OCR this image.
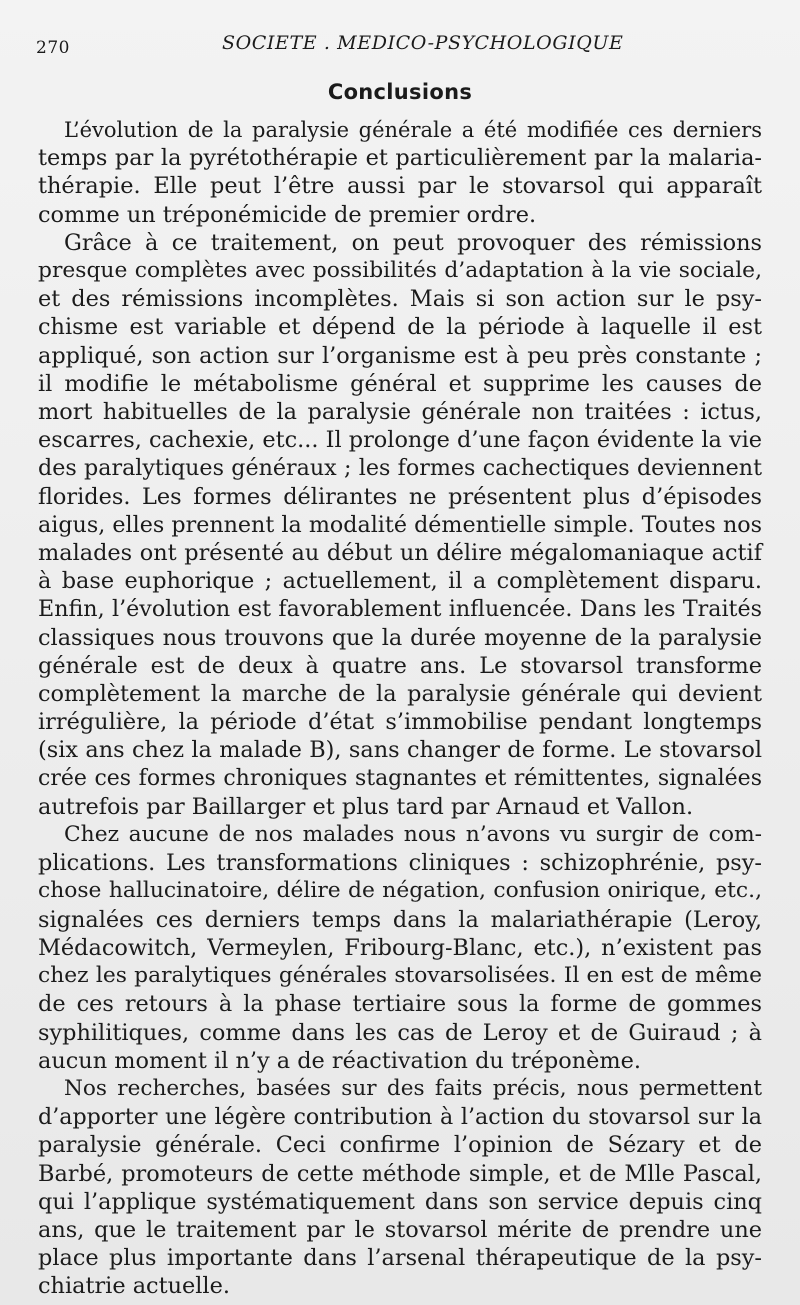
270	SOCIETE . MEDICO-PSYCHOLOGIQUE
Conclusions
L’évolution de la paralysie générale a été modifiée ces derniers
temps par la pyrétothérapie et particulièrement par la malaria-
thérapie. Elle peut l’être aussi par le stovarsol qui apparaît
comme un tréponémicide de premier ordre.
Grâce à ce traitement, on peut provoquer des rémissions
presque complètes avec possibilités d’adaptation à la vie sociale,
et des rémissions incomplètes. Mais si son action sur le psy-
chisme est variable et dépend de la période à laquelle il est
appliqué, son action sur l’organisme est à peu près constante ;
il modifie le métabolisme général et supprime les causes de
mort habituelles de la paralysie générale non traitées : ictus,
escarres, cachexie, etc... Il prolonge d’une façon évidente la vie
des paralytiques généraux ; les formes cachectiques deviennent
florides. Les formes délirantes ne présentent plus d’épisodes
aigus, elles prennent la modalité démentielle simple. Toutes nos
malades ont présenté au début un délire mégalomaniaque actif
à base euphorique ; actuellement, il a complètement disparu.
Enfin, l’évolution est favorablement influencée. Dans les Traités
classiques nous trouvons que la durée moyenne de la paralysie
générale est de deux à quatre ans. Le stovarsol transforme
complètement la marche de la paralysie générale qui devient
irrégulière, la période d’état s’immobilise pendant longtemps
(six ans chez la malade B), sans changer de forme. Le stovarsol
crée ces formes chroniques stagnantes et rémittentes, signalées
autrefois par Baillarger et plus tard par Arnaud et Vallon.
Chez aucune de nos malades nous n’avons vu surgir de com-
plications. Les transformations cliniques : schizophrénie, psy-
chose hallucinatoire, délire de négation, confusion onirique, etc.,
signalées ces derniers temps dans la malariathérapie (Leroy,
Médacowitch, Vermeylen, Fribourg-Blanc, etc.), n’existent pas
chez les paralytiques générales stovarsolisées. Il en est de même
de ces retours à la phase tertiaire sous la forme de gommes
syphilitiques, comme dans les cas de Leroy et de Guiraud ; à
aucun moment il n’y a de réactivation du tréponème.
Nos recherches, basées sur des faits précis, nous permettent
d’apporter une légère contribution à l’action du stovarsol sur la
paralysie générale. Ceci confirme l’opinion de Sézary et de
Barbé, promoteurs de cette méthode simple, et de Mlle Pascal,
qui l’applique systématiquement dans son service depuis cinq
ans, que le traitement par le stovarsol mérite de prendre une
place plus importante dans l’arsenal thérapeutique de la psy-
chiatrie actuelle.
